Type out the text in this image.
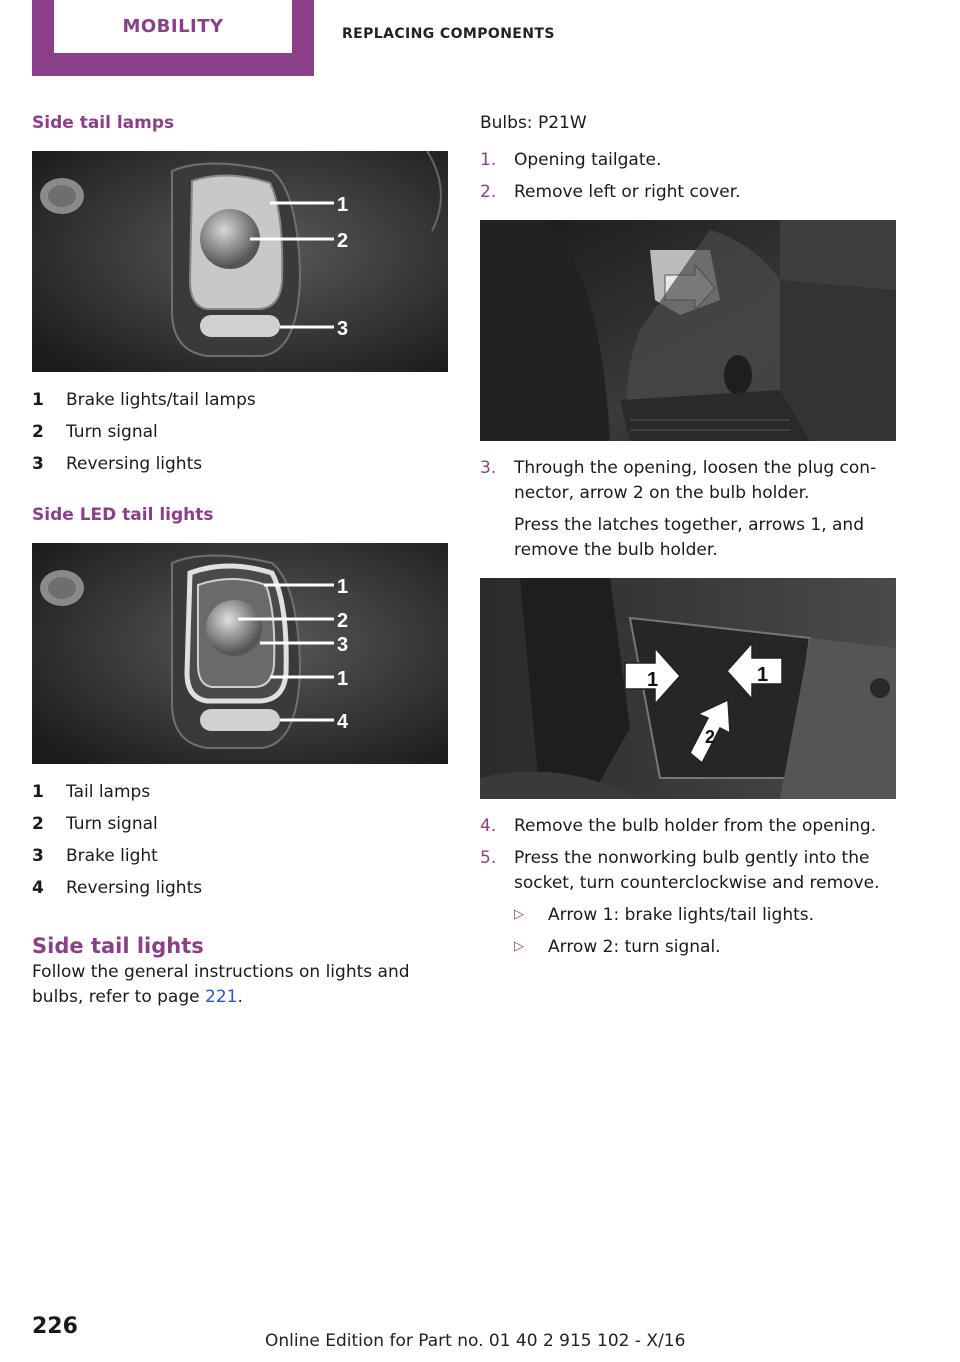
MOBILITY	REPLACING COMPONENTS
Side tail lamps
1
2
3
1	Brake lights/tail lamps
2	Turn signal
3	Reversing lights
Side LED tail lights
1
2
3
1
4
1	Tail lamps
2	Turn signal
3	Brake light
4	Reversing lights
Side tail lights

Follow the general instructions on lights and bulbs, refer to page 221.

Bulbs: P21W

1.	Opening tailgate.
2.	Remove left or right cover.
3.	Through the opening, loosen the plug con‐ nector, arrow 2 on the bulb holder.
Press the latches together, arrows 1, and remove the bulb holder.
1	1
2
4.	Remove the bulb holder from the opening.
5.	Press the nonworking bulb gently into the socket, turn counterclockwise and remove.
▷	Arrow 1: brake lights/tail lights.
▷	Arrow 2: turn signal.
226
Online Edition for Part no. 01 40 2 915 102 - X/16
